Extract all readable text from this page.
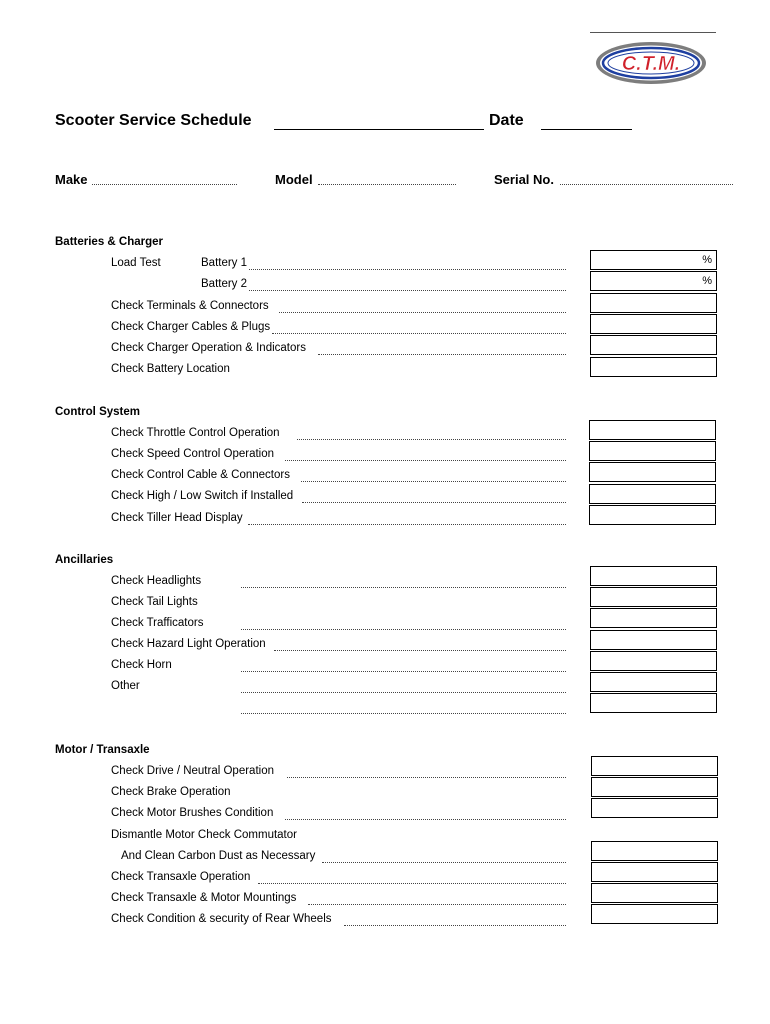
C.T.M.
Scooter Service Schedule	Date
Make	Model	Serial No.
Batteries & Charger
Load Test	Battery 1	%
Battery 2	%
Check Terminals & Connectors
Check Charger Cables & Plugs
Check Charger Operation & Indicators
Check Battery Location
Control System
Check Throttle Control Operation
Check Speed Control Operation
Check Control Cable & Connectors
Check High / Low Switch if Installed
Check Tiller Head Display
Ancillaries
Check Headlights
Check Tail Lights
Check Trafficators
Check Hazard Light Operation
Check Horn
Other
Motor / Transaxle
Check Drive / Neutral Operation
Check Brake Operation
Check Motor Brushes Condition
Dismantle Motor Check Commutator
And Clean Carbon Dust as Necessary
Check Transaxle Operation
Check Transaxle & Motor Mountings
Check Condition & security of Rear Wheels
